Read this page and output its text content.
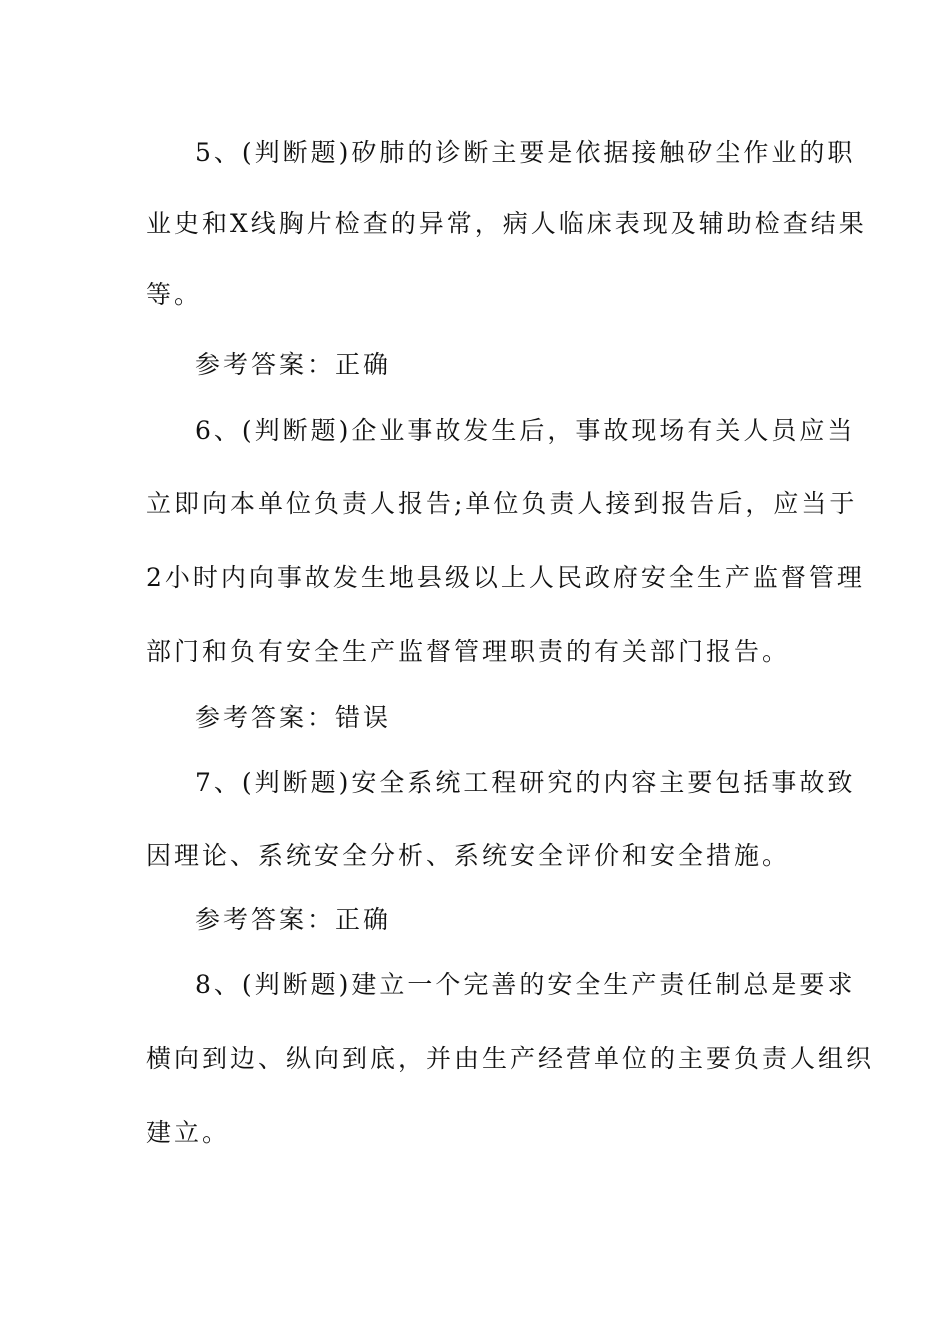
5、(判断题)矽肺的诊断主要是依据接触矽尘作业的职
业史和X线胸片检查的异常，病人临床表现及辅助检查结果
等。
参考答案：正确
6、(判断题)企业事故发生后，事故现场有关人员应当
立即向本单位负责人报告;单位负责人接到报告后，应当于
2小时内向事故发生地县级以上人民政府安全生产监督管理
部门和负有安全生产监督管理职责的有关部门报告。
参考答案：错误
7、(判断题)安全系统工程研究的内容主要包括事故致
因理论、系统安全分析、系统安全评价和安全措施。
参考答案：正确
8、(判断题)建立一个完善的安全生产责任制总是要求
横向到边、纵向到底，并由生产经营单位的主要负责人组织
建立。
